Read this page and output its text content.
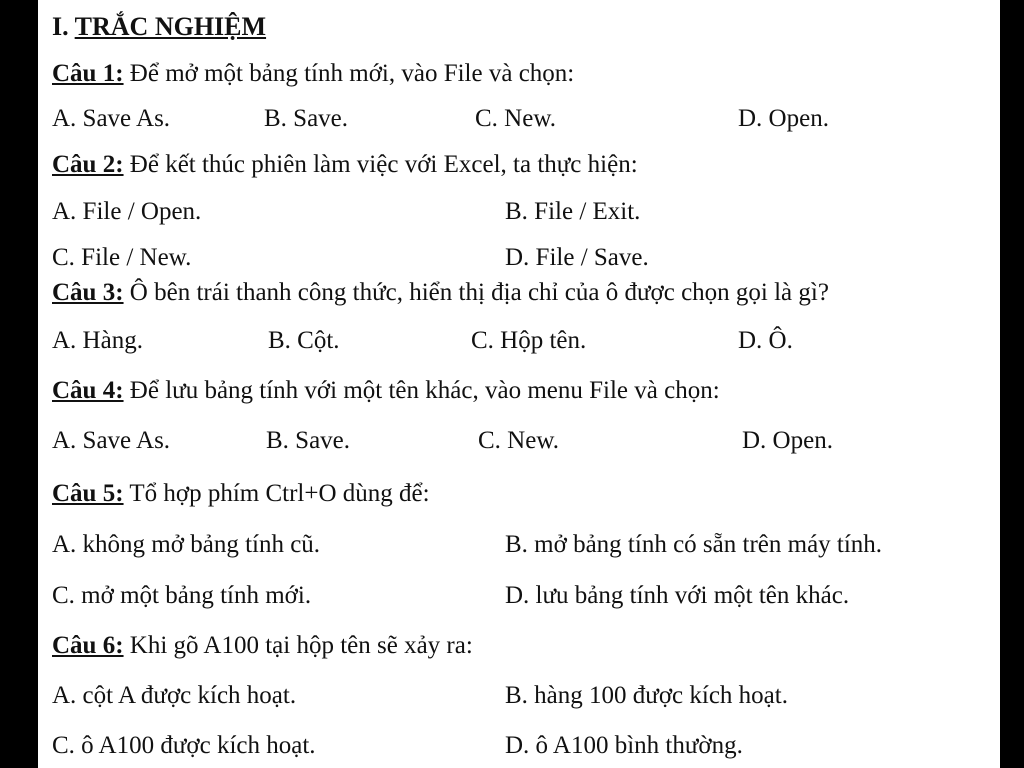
I. TRẮC NGHIỆM
Câu 1: Để mở một bảng tính mới, vào File và chọn:
A. Save As.	B. Save.	C. New.	D. Open.
Câu 2: Để kết thúc phiên làm việc với Excel, ta thực hiện:
A. File / Open.	B. File / Exit.
C. File / New.	D. File / Save.
Câu 3: Ô bên trái thanh công thức, hiển thị địa chỉ của ô được chọn gọi là gì?
A. Hàng.	B. Cột.	C. Hộp tên.	D. Ô.
Câu 4: Để lưu bảng tính với một tên khác, vào menu File và chọn:
A. Save As.	B. Save.	C. New.	D. Open.
Câu 5: Tổ hợp phím Ctrl+O dùng để:
A. không mở bảng tính cũ.	B. mở bảng tính có sẵn trên máy tính.
C. mở một bảng tính mới.	D. lưu bảng tính với một tên khác.
Câu 6: Khi gõ A100 tại hộp tên sẽ xảy ra:
A. cột A được kích hoạt.	B. hàng 100 được kích hoạt.
C. ô A100 được kích hoạt.	D. ô A100 bình thường.
